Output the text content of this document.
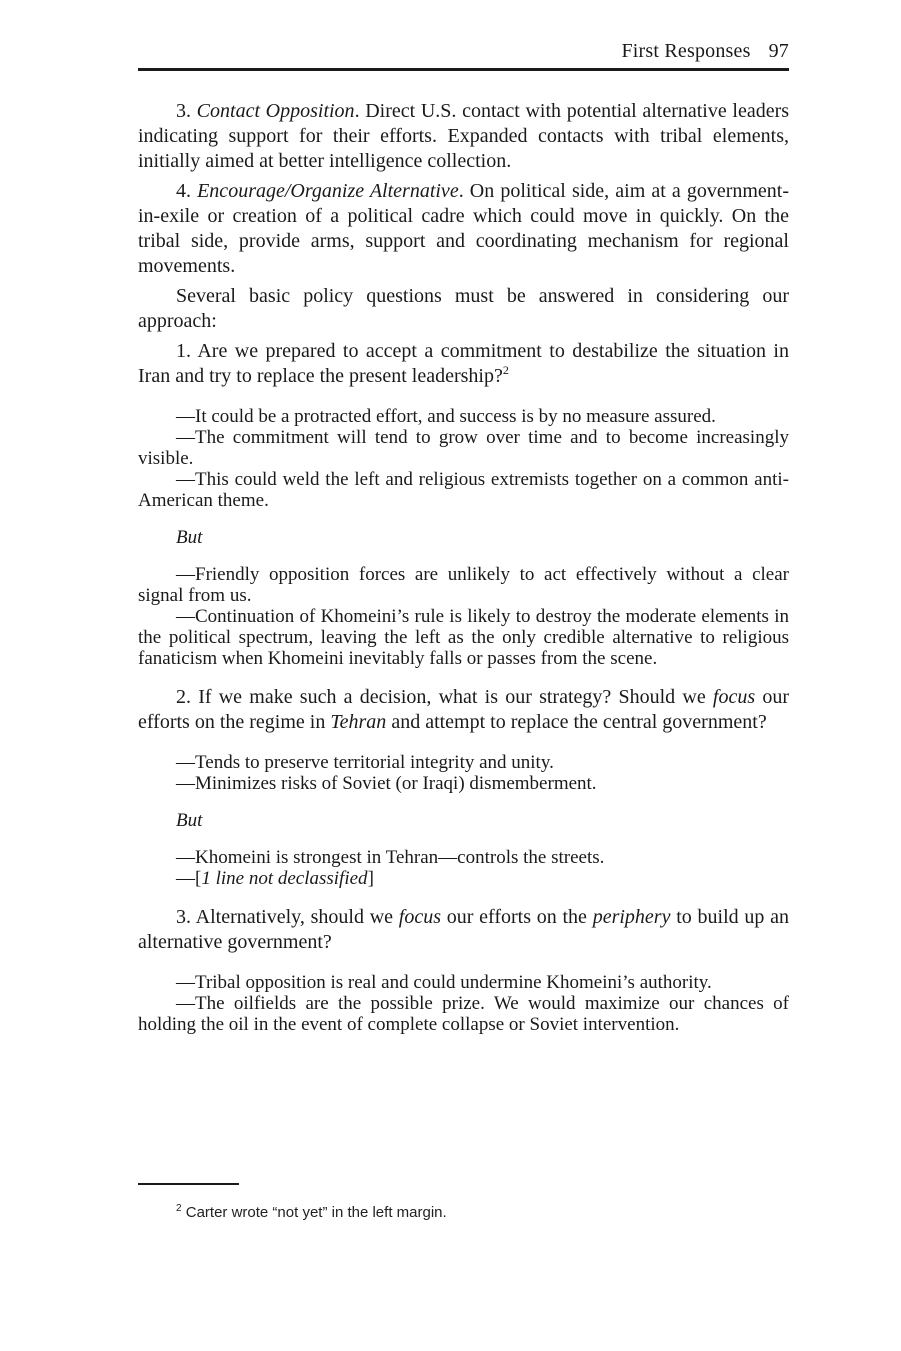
First Responses 97

3. Contact Opposition. Direct U.S. contact with potential alternative leaders indicating support for their efforts. Expanded contacts with tribal elements, initially aimed at better intelligence collection.

4. Encourage/Organize Alternative. On political side, aim at a government-in-exile or creation of a political cadre which could move in quickly. On the tribal side, provide arms, support and coordinating mechanism for regional movements.

Several basic policy questions must be answered in considering our approach:

1. Are we prepared to accept a commitment to destabilize the situation in Iran and try to replace the present leadership?$^2$

—It could be a protracted effort, and success is by no measure assured.

—The commitment will tend to grow over time and to become increasingly visible.

—This could weld the left and religious extremists together on a common anti-American theme.

But

—Friendly opposition forces are unlikely to act effectively without a clear signal from us.

—Continuation of Khomeini’s rule is likely to destroy the moderate elements in the political spectrum, leaving the left as the only credible alternative to religious fanaticism when Khomeini inevitably falls or passes from the scene.

2. If we make such a decision, what is our strategy? Should we focus our efforts on the regime in Tehran and attempt to replace the central government?

—Tends to preserve territorial integrity and unity.

—Minimizes risks of Soviet (or Iraqi) dismemberment.

But

—Khomeini is strongest in Tehran—controls the streets.

—[1 line not declassified]

3. Alternatively, should we focus our efforts on the periphery to build up an alternative government?

—Tribal opposition is real and could undermine Khomeini’s authority.

—The oilfields are the possible prize. We would maximize our chances of holding the oil in the event of complete collapse or Soviet intervention.

$^2$ Carter wrote “not yet” in the left margin.
